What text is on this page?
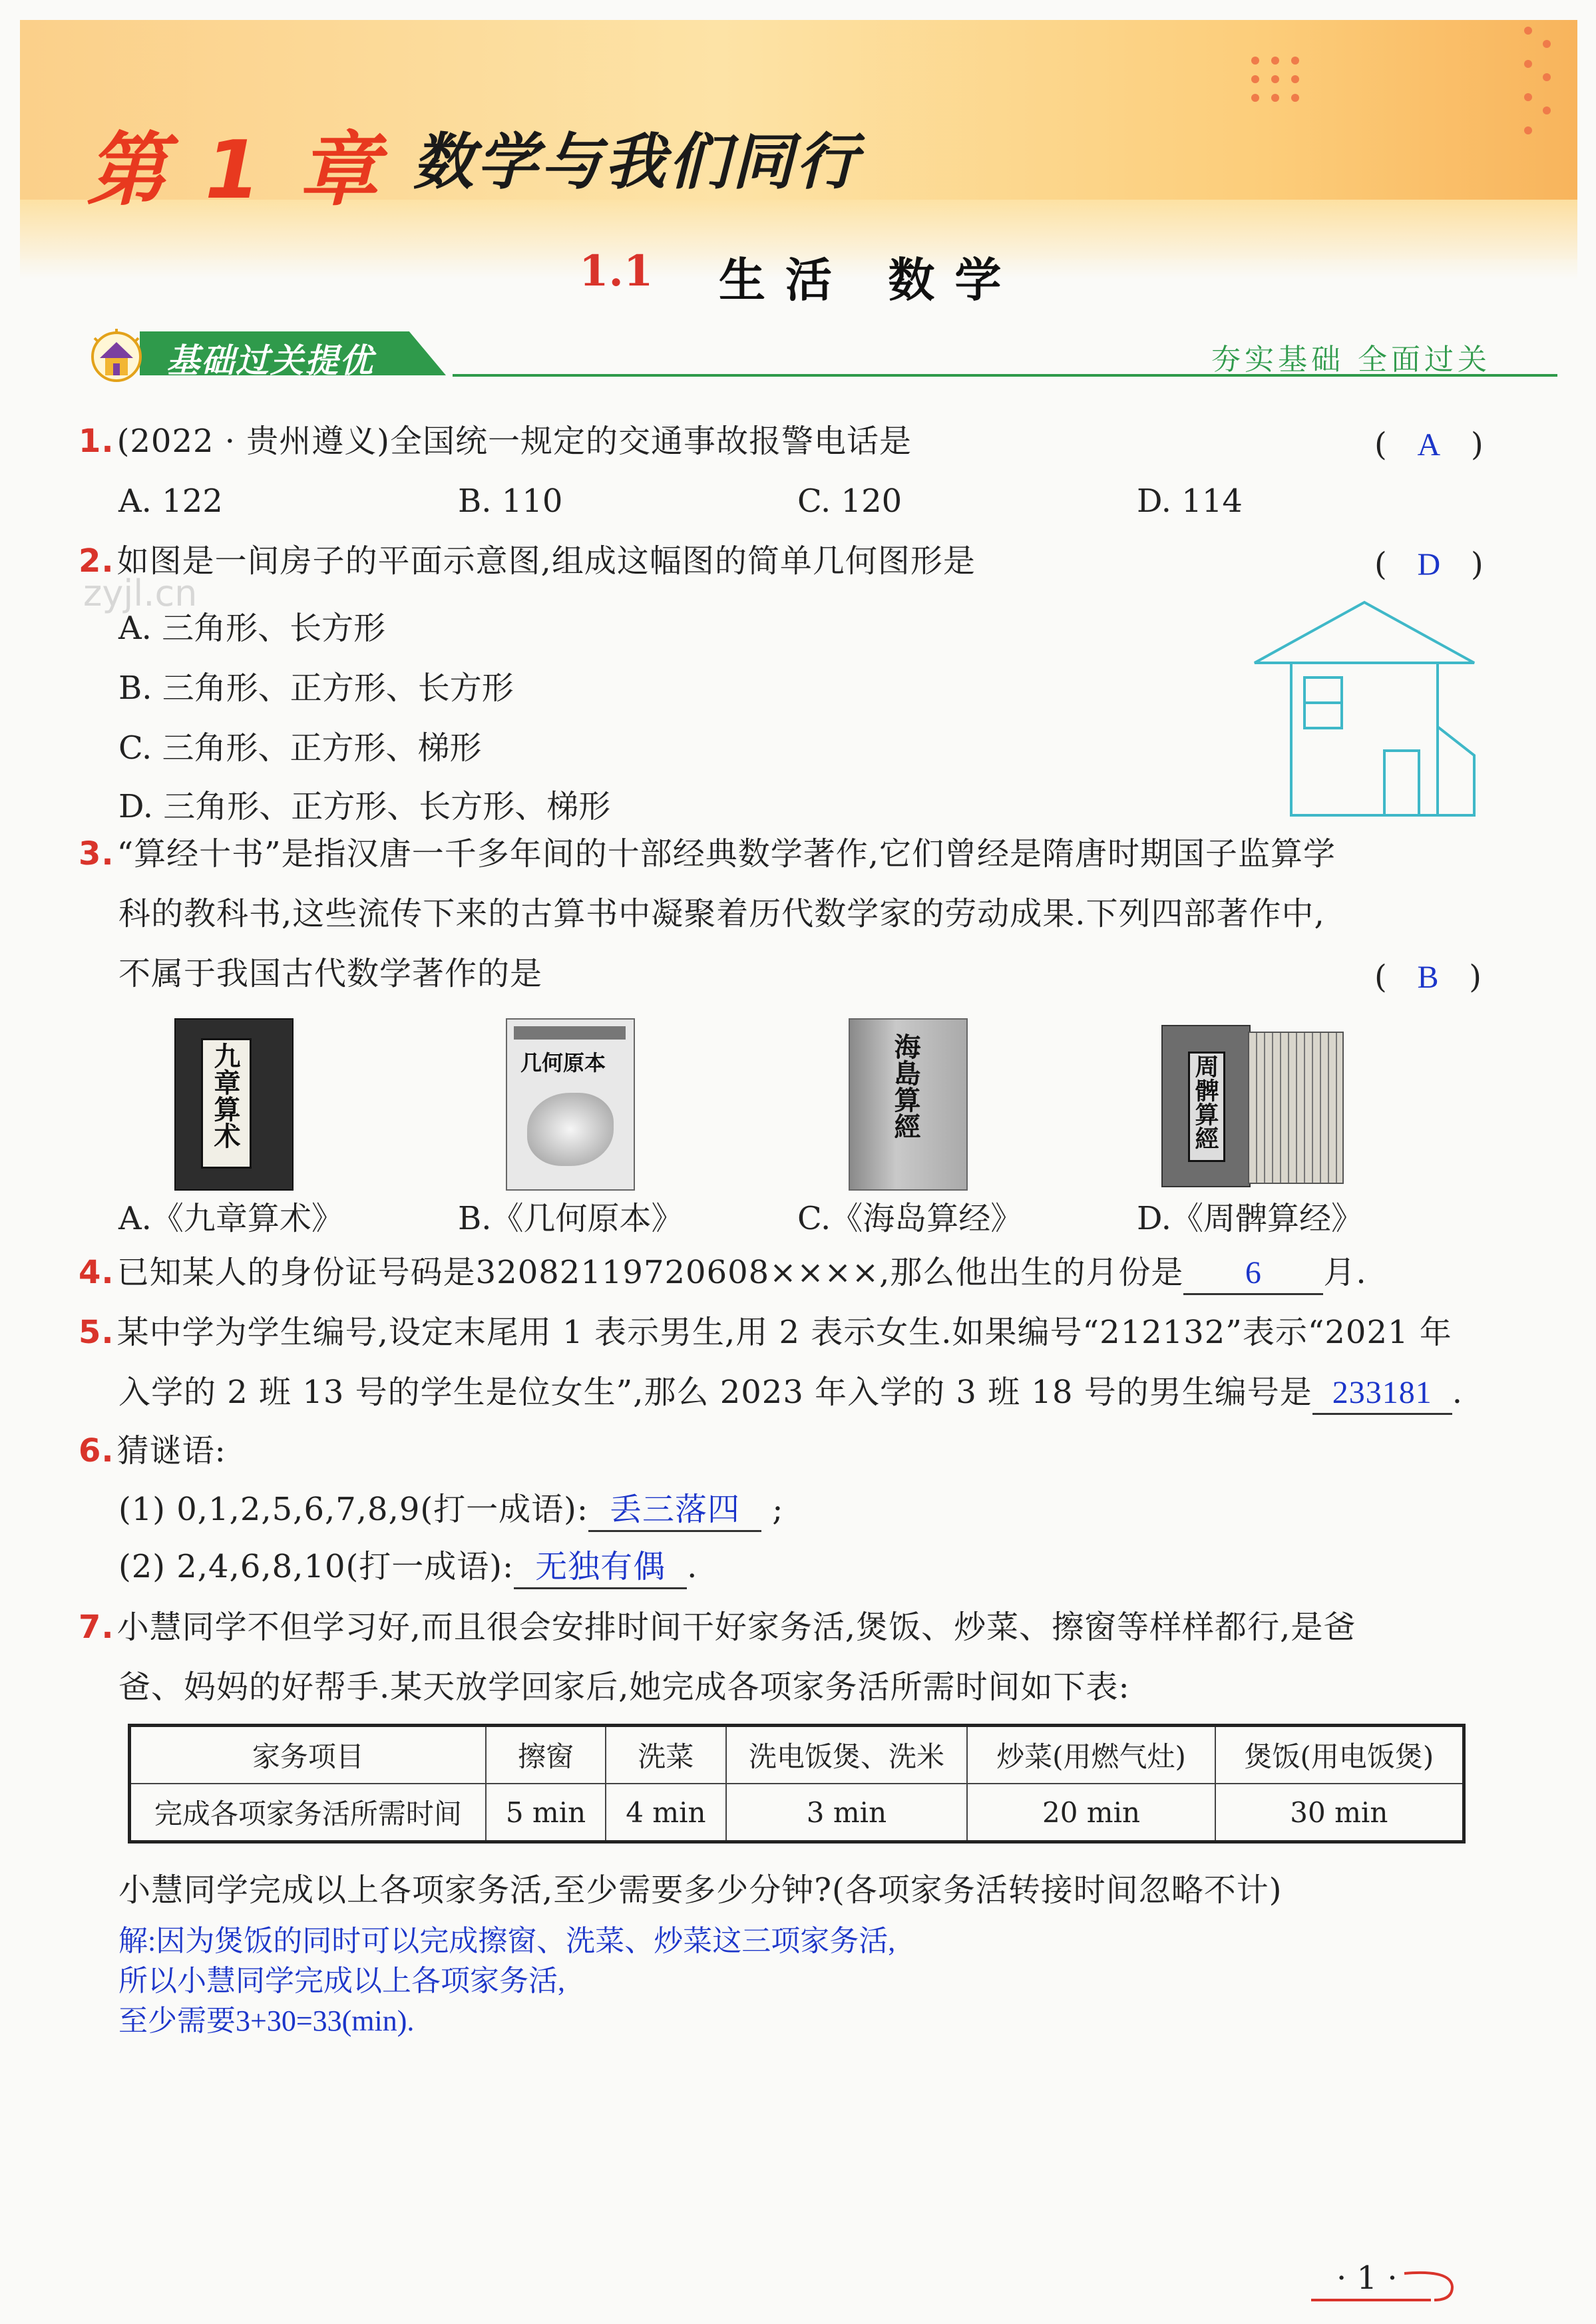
第 1 章 数学与我们同行
1.1 生活 数学
基础过关提优	夯实基础 全面过关
zyjl.cn
1.(2022 · 贵州遵义)全国统一规定的交通事故报警电话是	(   A   )
A. 122	B. 110	C. 120	D. 114
2.如图是一间房子的平面示意图,组成这幅图的简单几何图形是	(   D   )
A. 三角形、长方形
B. 三角形、正方形、长方形
C. 三角形、正方形、梯形
D. 三角形、正方形、长方形、梯形
3.“算经十书”是指汉唐一千多年间的十部经典数学著作,它们曾经是隋唐时期国子监算学
科的教科书,这些流传下来的古算书中凝聚着历代数学家的劳动成果.下列四部著作中,
不属于我国古代数学著作的是	(   B   )
九章算术	几何原本	海島算經	周髀算經
A.《九章算术》	B.《几何原本》	C.《海岛算经》	D.《周髀算经》
4.已知某人的身份证号码是320821197206​08××××,那么他出生的月份是 6 月.
5.某中学为学生编号,设定末尾用 1 表示男生,用 2 表示女生.如果编号“212132”表示“2021 年
入学的 2 班 13 号的学生是位女生”,那么 2023 年入学的 3 班 18 号的男生编号是 233181 .
6.猜谜语:
(1) 0,1,2,5,6,7,8,9(打一成语): 丢三落四 ;
(2) 2,4,6,8,10(打一成语): 无独有偶 .
7.小慧同学不但学习好,而且很会安排时间干好家务活,煲饭、炒菜、擦窗等样样都行,是爸
爸、妈妈的好帮手.某天放学回家后,她完成各项家务活所需时间如下表:
家务项目	擦窗	洗菜	洗电饭煲、洗米	炒菜(用燃气灶)	煲饭(用电饭煲)
完成各项家务活所需时间	5 min	4 min	3 min	20 min	30 min
小慧同学完成以上各项家务活,至少需要多少分钟?(各项家务活转接时间忽略不计)
解:因为煲饭的同时可以完成擦窗、洗菜、炒菜这三项家务活,
所以小慧同学完成以上各项家务活,
至少需要3+30=33(min).
· 1 ·
